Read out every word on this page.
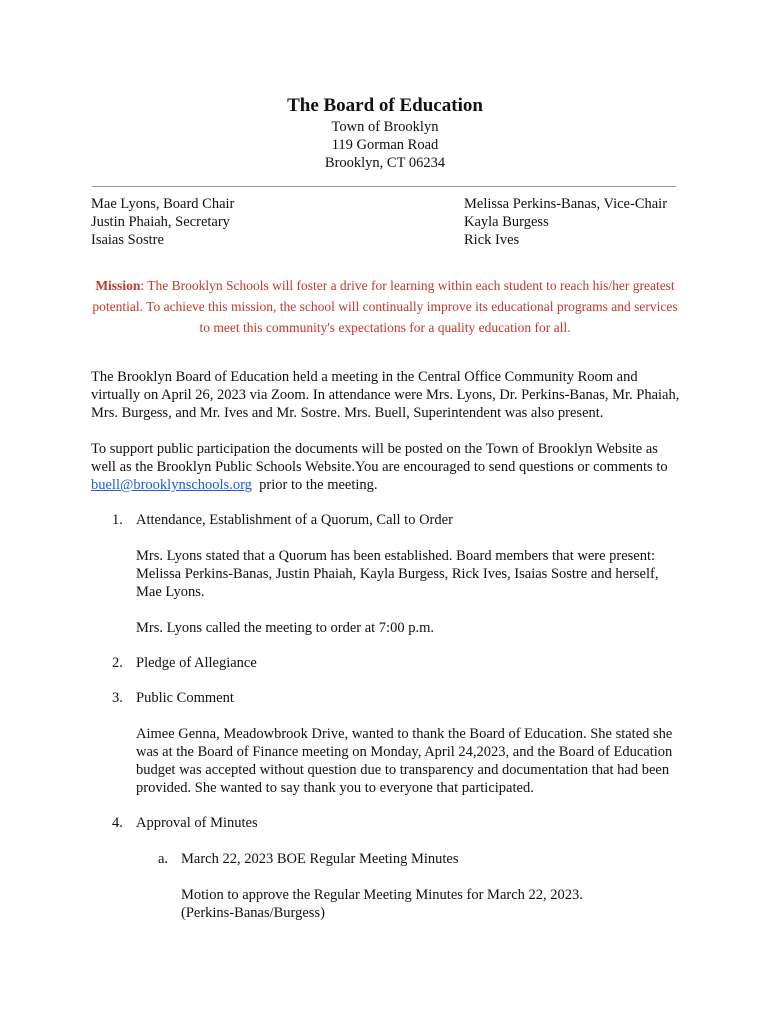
The Board of Education
Town of Brooklyn
119 Gorman Road
Brooklyn, CT 06234
Mae Lyons, Board Chair
Justin Phaiah, Secretary
Isaias Sostre
Melissa Perkins-Banas, Vice-Chair
Kayla Burgess
Rick Ives
Mission: The Brooklyn Schools will foster a drive for learning within each student to reach his/her greatest potential. To achieve this mission, the school will continually improve its educational programs and services to meet this community's expectations for a quality education for all.
The Brooklyn Board of Education held a meeting in the Central Office Community Room and virtually on April 26, 2023 via Zoom. In attendance were Mrs. Lyons, Dr. Perkins-Banas, Mr. Phaiah, Mrs. Burgess, and Mr. Ives and Mr. Sostre. Mrs. Buell, Superintendent was also present.
To support public participation the documents will be posted on the Town of Brooklyn Website as well as the Brooklyn Public Schools Website.You are encouraged to send questions or comments to buell@brooklynschools.org  prior to the meeting.
1. Attendance, Establishment of a Quorum, Call to Order
Mrs. Lyons stated that a Quorum has been established. Board members that were present: Melissa Perkins-Banas, Justin Phaiah, Kayla Burgess, Rick Ives, Isaias Sostre and herself, Mae Lyons.
Mrs. Lyons called the meeting to order at 7:00 p.m.
2. Pledge of Allegiance
3. Public Comment
Aimee Genna, Meadowbrook Drive, wanted to thank the Board of Education. She stated she was at the Board of Finance meeting on Monday, April 24,2023, and the Board of Education budget was accepted without question due to transparency and documentation that had been provided. She wanted to say thank you to everyone that participated.
4. Approval of Minutes
a. March 22, 2023 BOE Regular Meeting Minutes
Motion to approve the Regular Meeting Minutes for March 22, 2023.
(Perkins-Banas/Burgess)
